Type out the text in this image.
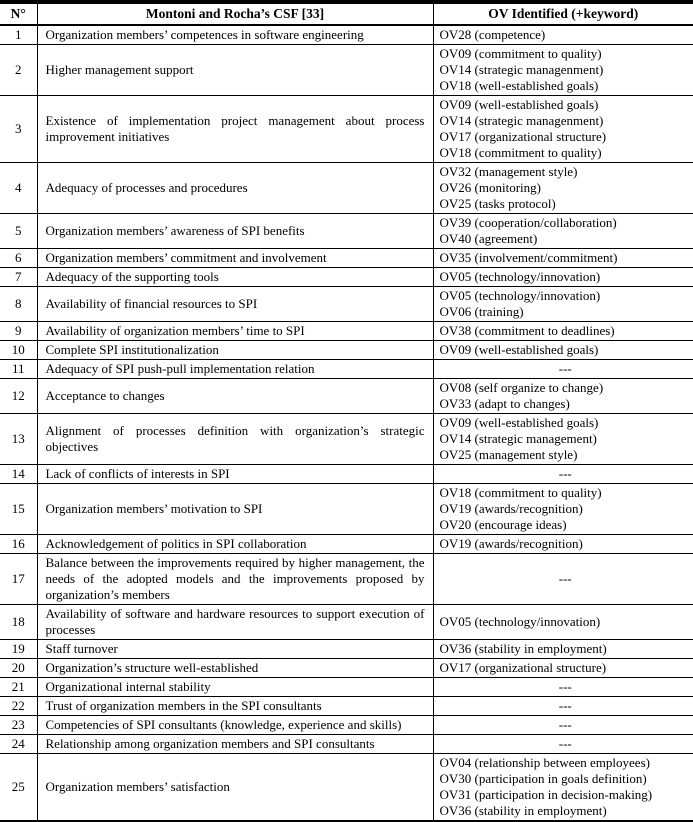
N°	Montoni and Rocha’s CSF [33]	OV Identified (+keyword)
1	Organization members’ competences in software engineering	OV28 (competence)

2	Higher management support	OV09 (commitment to quality)
OV14 (strategic managenment)
OV18 (well-established goals)

3	Existence of implementation project management about process improvement initiatives	OV09 (well-established goals)
OV14 (strategic managenment)
OV17 (organizational structure)
OV18 (commitment to quality)

4	Adequacy of processes and procedures	OV32 (management style)
OV26 (monitoring)
OV25 (tasks protocol)

5	Organization members’ awareness of SPI benefits	OV39 (cooperation/collaboration)
OV40 (agreement)

6	Organization members’ commitment and involvement	OV35 (involvement/commitment)

7	Adequacy of the supporting tools	OV05 (technology/innovation)

8	Availability of financial resources to SPI	OV05 (technology/innovation)
OV06 (training)

9	Availability of organization members’ time to SPI	OV38 (commitment to deadlines)

10	Complete SPI institutionalization	OV09 (well-established goals)

11	Adequacy of SPI push-pull implementation relation	---

12	Acceptance to changes	OV08 (self organize to change)
OV33 (adapt to changes)

13	Alignment of processes definition with organization’s strategic objectives	OV09 (well-established goals)
OV14 (strategic management)
OV25 (management style)

14	Lack of conflicts of interests in SPI	---

15	Organization members’ motivation to SPI	OV18 (commitment to quality)
OV19 (awards/recognition)
OV20 (encourage ideas)

16	Acknowledgement of politics in SPI collaboration	OV19 (awards/recognition)

17	Balance between the improvements required by higher management, the needs of the adopted models and the improvements proposed by organization’s members	---

18	Availability of software and hardware resources to support execution of processes	OV05 (technology/innovation)

19	Staff turnover	OV36 (stability in employment)

20	Organization’s structure well-established	OV17 (organizational structure)

21	Organizational internal stability	---

22	Trust of organization members in the SPI consultants	---

23	Competencies of SPI consultants (knowledge, experience and skills)	---

24	Relationship among organization members and SPI consultants	---

25	Organization members’ satisfaction	OV04 (relationship between employees)
OV30 (participation in goals definition)
OV31 (participation in decision-making)
OV36 (stability in employment)
